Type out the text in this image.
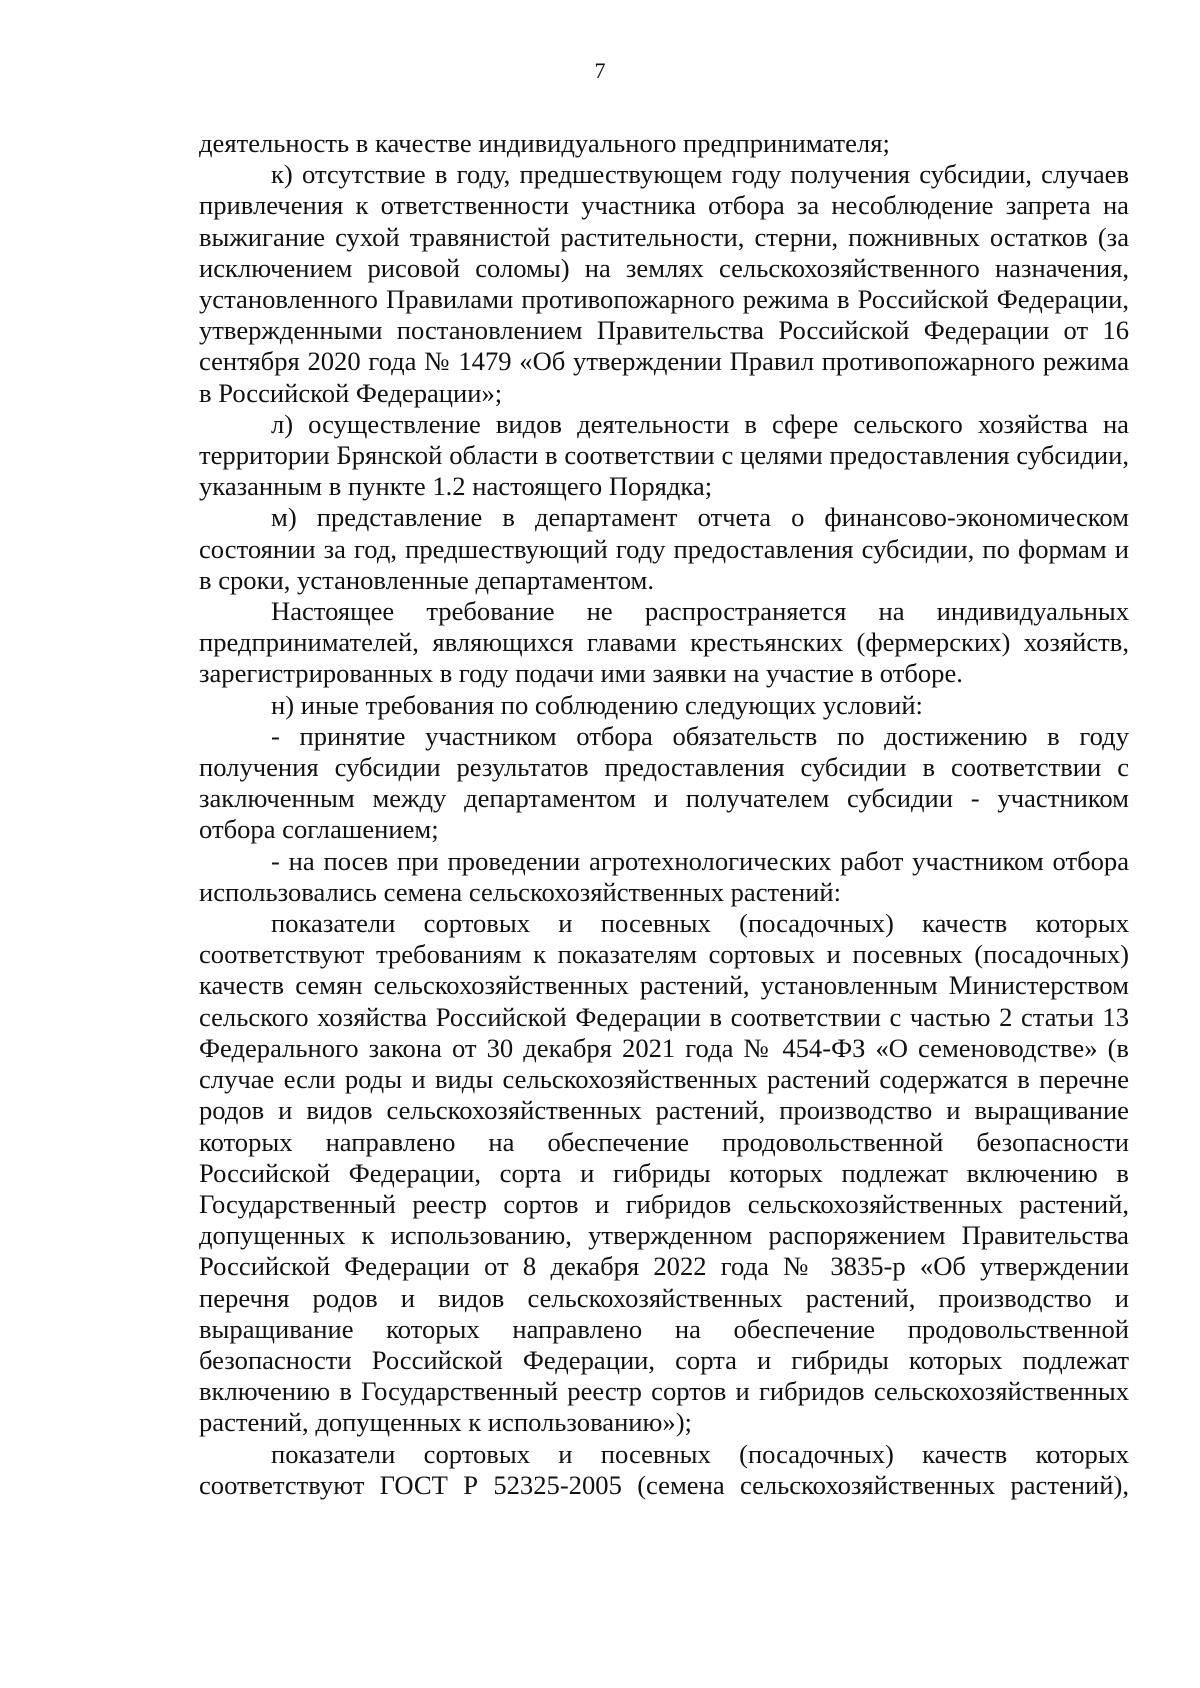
7

деятельность в качестве индивидуального предпринимателя;

к) отсутствие в году, предшествующем году получения субсидии, случаев привлечения к ответственности участника отбора за несоблюдение запрета на выжигание сухой травянистой растительности, стерни, пожнивных остатков (за исключением рисовой соломы) на землях сельскохозяйственного назначения, установленного Правилами противопожарного режима в Российской Федерации, утвержденными постановлением Правительства Российской Федерации от 16 сентября 2020 года № 1479 «Об утверждении Правил противопожарного режима в Российской Федерации»;

л) осуществление видов деятельности в сфере сельского хозяйства на территории Брянской области в соответствии с целями предоставления субсидии, указанным в пункте 1.2 настоящего Порядка;

м) представление в департамент отчета о финансово-экономическом состоянии за год, предшествующий году предоставления субсидии, по формам и в сроки, установленные департаментом.

Настоящее требование не распространяется на индивидуальных предпринимателей, являющихся главами крестьянских (фермерских) хозяйств, зарегистрированных в году подачи ими заявки на участие в отборе.

н) иные требования по соблюдению следующих условий:

- принятие участником отбора обязательств по достижению в году получения субсидии результатов предоставления субсидии в соответствии с заключенным между департаментом и получателем субсидии - участником отбора соглашением;

- на посев при проведении агротехнологических работ участником отбора использовались семена сельскохозяйственных растений:

показатели сортовых и посевных (посадочных) качеств которых соответствуют требованиям к показателям сортовых и посевных (посадочных) качеств семян сельскохозяйственных растений, установленным Министерством сельского хозяйства Российской Федерации в соответствии с частью 2 статьи 13 Федерального закона от 30 декабря 2021 года № 454-ФЗ «О семеноводстве» (в случае если роды и виды сельскохозяйственных растений содержатся в перечне родов и видов сельскохозяйственных растений, производство и выращивание которых направлено на обеспечение продовольственной безопасности Российской Федерации, сорта и гибриды которых подлежат включению в Государственный реестр сортов и гибридов сельскохозяйственных растений, допущенных к использованию, утвержденном распоряжением Правительства Российской Федерации от 8 декабря 2022 года № 3835-р «Об утверждении перечня родов и видов сельскохозяйственных растений, производство и выращивание которых направлено на обеспечение продовольственной безопасности Российской Федерации, сорта и гибриды которых подлежат включению в Государственный реестр сортов и гибридов сельскохозяйственных растений, допущенных к использованию»);

показатели сортовых и посевных (посадочных) качеств которых соответствуют ГОСТ Р 52325-2005 (семена сельскохозяйственных растений),
